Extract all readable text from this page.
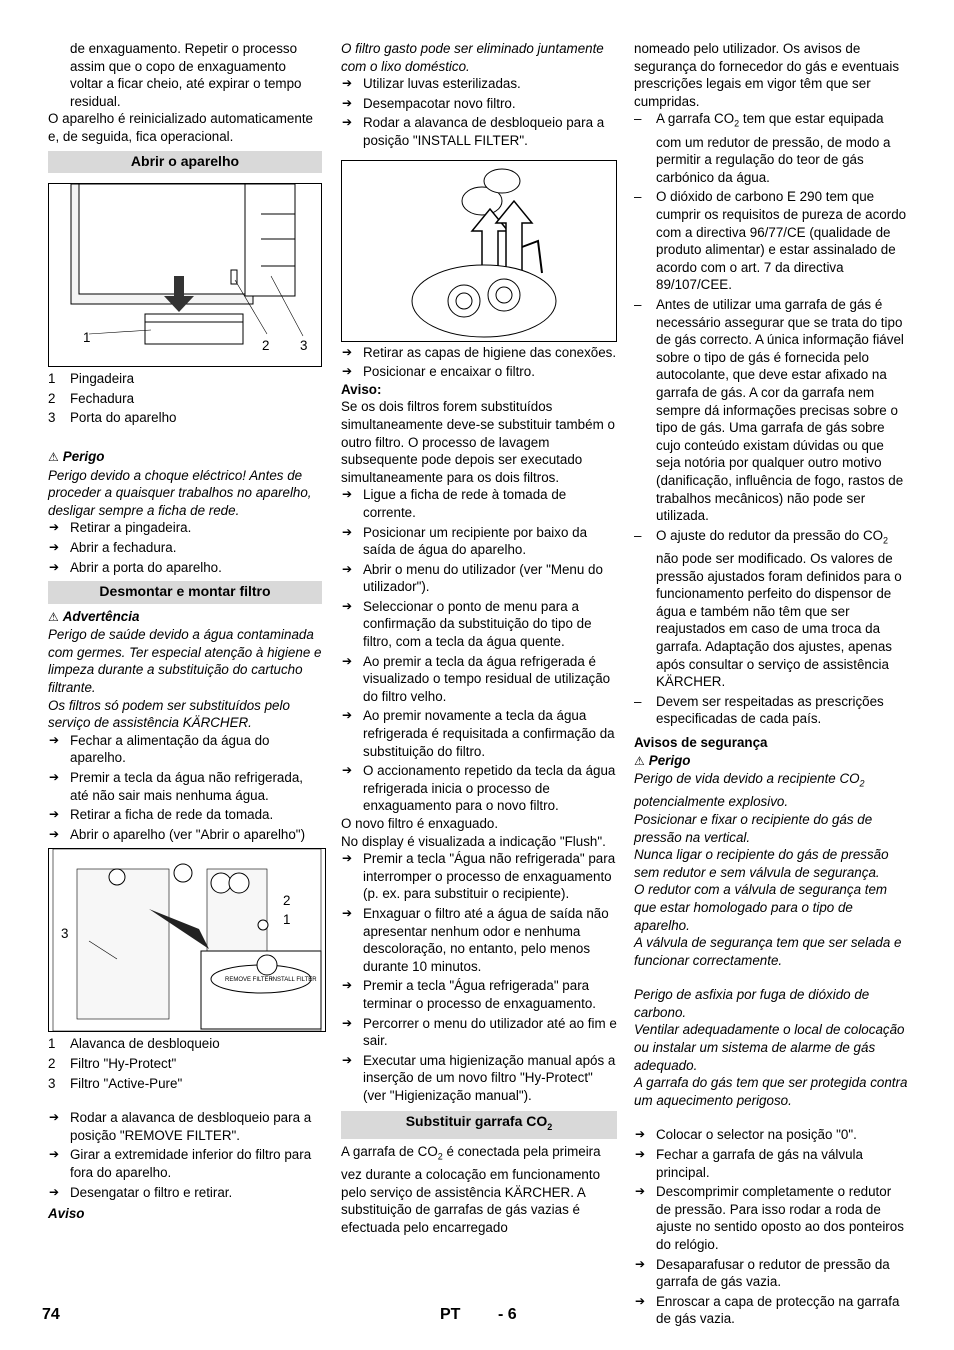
de enxaguamento. Repetir o processo assim que o copo de enxaguamento voltar a ficar cheio, até expirar o tempo residual.

O aparelho é reinicializado automaticamente e, de seguida, fica operacional.

Abrir o aparelho
1
2 3
1	Pingadeira
2	Fechadura
3	Porta do aparelho
⚠ Perigo

Perigo devido a choque eléctrico! Antes de proceder a quaisquer trabalhos no aparelho, desligar sempre a ficha de rede.

➔ Retirar a pingadeira.

➔ Abrir a fechadura.

➔ Abrir a porta do aparelho.

Desmontar e montar filtro
⚠ Advertência

Perigo de saúde devido a água contaminada com germes. Ter especial atenção à higiene e limpeza durante a substituição do cartucho filtrante.

Os filtros só podem ser substituídos pelo serviço de assistência KÄRCHER.

➔ Fechar a alimentação da água do aparelho.

➔ Premir a tecla da água não refrigerada, até não sair mais nenhuma água.

➔ Retirar a ficha de rede da tomada.

➔ Abrir o aparelho (ver "Abrir o aparelho")

REMOVE FILTER
INSTALL FILTER
3
2
1
1	Alavanca de desbloqueio
2	Filtro "Hy-Protect"
3	Filtro "Active-Pure"

➔ Rodar a alavanca de desbloqueio para a posição "REMOVE FILTER".

➔ Girar a extremidade inferior do filtro para fora do aparelho.

➔ Desengatar o filtro e retirar.

Aviso

O filtro gasto pode ser eliminado juntamente com o lixo doméstico.

➔ Utilizar luvas esterilizadas.

➔ Desempacotar novo filtro.

➔ Rodar a alavanca de desbloqueio para a posição "INSTALL FILTER".

➔ Retirar as capas de higiene das conexões.

➔ Posicionar e encaixar o filtro.

Aviso:

Se os dois filtros forem substituídos simultaneamente deve-se substituir também o outro filtro. O processo de lavagem subsequente pode depois ser executado simultaneamente para os dois filtros.

➔ Ligue a ficha de rede à tomada de corrente.

➔ Posicionar um recipiente por baixo da saída de água do aparelho.

➔ Abrir o menu do utilizador (ver "Menu do utilizador").

➔ Seleccionar o ponto de menu para a confirmação da substituição do tipo de filtro, com a tecla da água quente.

➔ Ao premir a tecla da água refrigerada é visualizado o tempo residual de utilização do filtro velho.

➔ Ao premir novamente a tecla da água refrigerada é requisitada a confirmação da substituição do filtro.

➔ O accionamento repetido da tecla da água refrigerada inicia o processo de enxaguamento para o novo filtro.

O novo filtro é enxaguado.

No display é visualizada a indicação "Flush".

➔ Premir a tecla "Água não refrigerada" para interromper o processo de enxaguamento (p. ex. para substituir o recipiente).

➔ Enxaguar o filtro até a água de saída não apresentar nenhum odor e nenhuma descoloração, no entanto, pelo menos durante 10 minutos.

➔ Premir a tecla "Água refrigerada" para terminar o processo de enxaguamento.

➔ Percorrer o menu do utilizador até ao fim e sair.

➔ Executar uma higienização manual após a inserção de um novo filtro "Hy-Protect" (ver "Higienização manual").

Substituir garrafa $CO_2$

A garrafa de $CO_2$ é conectada pela primeira vez durante a colocação em funcionamento pelo serviço de assistência KÄRCHER. A substituição de garrafas de gás vazias é efectuada pelo encarregado

nomeado pelo utilizador. Os avisos de segurança do fornecedor do gás e eventuais prescrições legais em vigor têm que ser cumpridas.

– A garrafa $CO_2$ tem que estar equipada com um redutor de pressão, de modo a permitir a regulação do teor de gás carbónico da água.

– O dióxido de carbono E 290 tem que cumprir os requisitos de pureza de acordo com a directiva 96/77/CE (qualidade de produto alimentar) e estar assinalado de acordo com o art. 7 da directiva 89/107/CEE.

– Antes de utilizar uma garrafa de gás é necessário assegurar que se trata do tipo de gás correcto. A única informação fiável sobre o tipo de gás é fornecida pelo autocolante, que deve estar afixado na garrafa de gás. A cor da garrafa nem sempre dá informações precisas sobre o tipo de gás. Uma garrafa de gás sobre cujo conteúdo existam dúvidas ou que seja notória por qualquer outro motivo (danificação, influência de fogo, rastos de trabalhos mecânicos) não pode ser utilizada.

– O ajuste do redutor da pressão do $CO_2$ não pode ser modificado. Os valores de pressão ajustados foram definidos para o funcionamento perfeito do dispensor de água e também não têm que ser reajustados em caso de uma troca da garrafa. Adaptação dos ajustes, apenas após consultar o serviço de assistência KÄRCHER.

– Devem ser respeitadas as prescrições especificadas de cada país.

Avisos de segurança

⚠ Perigo

Perigo de vida devido a recipiente $CO_2$ potencialmente explosivo.

Posicionar e fixar o recipiente do gás de pressão na vertical.

Nunca ligar o recipiente do gás de pressão sem redutor e sem válvula de segurança.

O redutor com a válvula de segurança tem que estar homologado para o tipo de aparelho.

A válvula de segurança tem que ser selada e funcionar correctamente.

Perigo de asfixia por fuga de dióxido de carbono.

Ventilar adequadamente o local de colocação ou instalar um sistema de alarme de gás adequado.

A garrafa do gás tem que ser protegida contra um aquecimento perigoso.

➔ Colocar o selector na posição "0".

➔ Fechar a garrafa de gás na válvula principal.

➔ Descomprimir completamente o redutor de pressão. Para isso rodar a roda de ajuste no sentido oposto ao dos ponteiros do relógio.

➔ Desaparafusar o redutor de pressão da garrafa de gás vazia.

➔ Enroscar a capa de protecção na garrafa de gás vazia.

74	PT - 6
